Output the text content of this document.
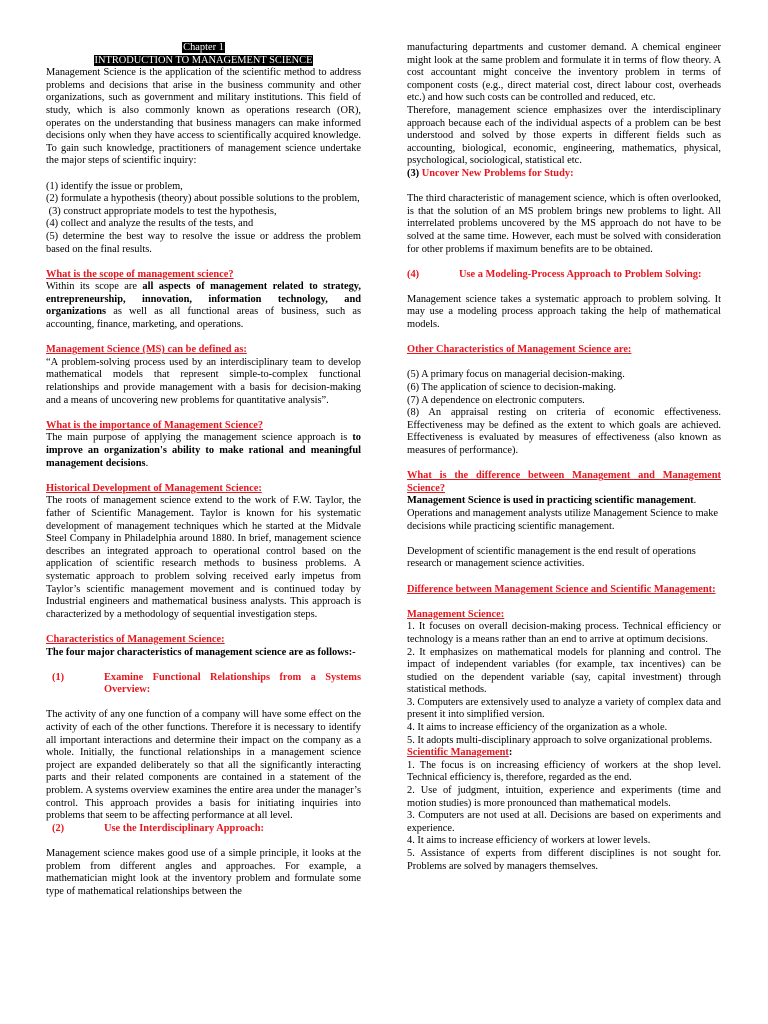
Chapter 1

INTRODUCTION TO MANAGEMENT SCIENCE

Management Science is the application of the scientific method to address problems and decisions that arise in the business community and other organizations, such as government and military institutions. This field of study, which is also commonly known as operations research (OR), operates on the understanding that business managers can make informed decisions only when they have access to scientifically acquired knowledge. To gain such knowledge, practitioners of management science undertake the major steps of scientific inquiry:

(1) identify the issue or problem,

(2) formulate a hypothesis (theory) about possible solutions to the problem,

(3) construct appropriate models to test the hypothesis,

(4) collect and analyze the results of the tests, and

(5) determine the best way to resolve the issue or address the problem based on the final results.

What is the scope of management science?

Within its scope are all aspects of management related to strategy, entrepreneurship, innovation, information technology, and organizations as well as all functional areas of business, such as accounting, finance, marketing, and operations.

Management Science (MS) can be defined as:

“A problem-solving process used by an interdisciplinary team to develop mathematical models that represent simple-to-complex functional relationships and provide management with a basis for decision-making and a means of uncovering new problems for quantitative analysis”.

What is the importance of Management Science?

The main purpose of applying the management science approach is to improve an organization's ability to make rational and meaningful management decisions.

Historical Development of Management Science:

The roots of management science extend to the work of F.W. Taylor, the father of Scientific Management. Taylor is known for his systematic development of management techniques which he started at the Midvale Steel Company in Philadelphia around 1880. In brief, management science describes an integrated approach to operational control based on the application of scientific research methods to business problems. A systematic approach to problem solving received early impetus from Taylor’s scientific management movement and is continued today by Industrial engineers and mathematical business analysts. This approach is characterized by a methodology of sequential investigation steps.

Characteristics of Management Science:

The four major characteristics of management science are as follows:-

(1)	Examine Functional Relationships from a Systems Overview:

The activity of any one function of a company will have some effect on the activity of each of the other functions. Therefore it is necessary to identify all important interactions and determine their impact on the company as a whole. Initially, the functional relationships in a management science project are expanded deliberately so that all the significantly interacting parts and their related components are contained in a statement of the problem. A systems overview examines the entire area under the manager’s control. This approach provides a basis for initiating inquiries into problems that seem to be affecting performance at all level.

(2)	Use the Interdisciplinary Approach:

Management science makes good use of a simple principle, it looks at the problem from different angles and approaches. For example, a mathematician might look at the inventory problem and formulate some type of mathematical relationships between the

manufacturing departments and customer demand. A chemical engineer might look at the same problem and formulate it in terms of flow theory. A cost accountant might conceive the inventory problem in terms of component costs (e.g., direct material cost, direct labour cost, overheads etc.) and how such costs can be controlled and reduced, etc.

Therefore, management science emphasizes over the interdisciplinary approach because each of the individual aspects of a problem can be best understood and solved by those experts in different fields such as accounting, biological, economic, engineering, mathematics, physical, psychological, sociological, statistical etc.

(3) Uncover New Problems for Study:

The third characteristic of management science, which is often overlooked, is that the solution of an MS problem brings new problems to light. All interrelated problems uncovered by the MS approach do not have to be solved at the same time. However, each must be solved with consideration for other problems if maximum benefits are to be obtained.

(4)	Use a Modeling-Process Approach to Problem Solving:

Management science takes a systematic approach to problem solving. It may use a modeling process approach taking the help of mathematical models.

Other Characteristics of Management Science are:

(5) A primary focus on managerial decision-making.

(6) The application of science to decision-making.

(7) A dependence on electronic computers.

(8) An appraisal resting on criteria of economic effectiveness. Effectiveness may be defined as the extent to which goals are achieved. Effectiveness is evaluated by measures of effectiveness (also known as measures of performance).

What is the difference between Management and Management Science?

Management Science is used in practicing scientific management. Operations and management analysts utilize Management Science to make decisions while practicing scientific management.

Development of scientific management is the end result of operations research or management science activities.

Difference between Management Science and Scientific Management:

Management Science:

1. It focuses on overall decision-making process. Technical efficiency or technology is a means rather than an end to arrive at optimum decisions.

2. It emphasizes on mathematical models for planning and control. The impact of independent variables (for example, tax incentives) can be studied on the dependent variable (say, capital investment) through statistical methods.

3. Computers are extensively used to analyze a variety of complex data and present it into simplified version.

4. It aims to increase efficiency of the organization as a whole.

5. It adopts multi-disciplinary approach to solve organizational problems.

Scientific Management:

1. The focus is on increasing efficiency of workers at the shop level. Technical efficiency is, therefore, regarded as the end.

2. Use of judgment, intuition, experience and experiments (time and motion studies) is more pronounced than mathematical models.

3. Computers are not used at all. Decisions are based on experiments and experience.

4. It aims to increase efficiency of workers at lower levels.

5. Assistance of experts from different disciplines is not sought for. Problems are solved by managers themselves.
